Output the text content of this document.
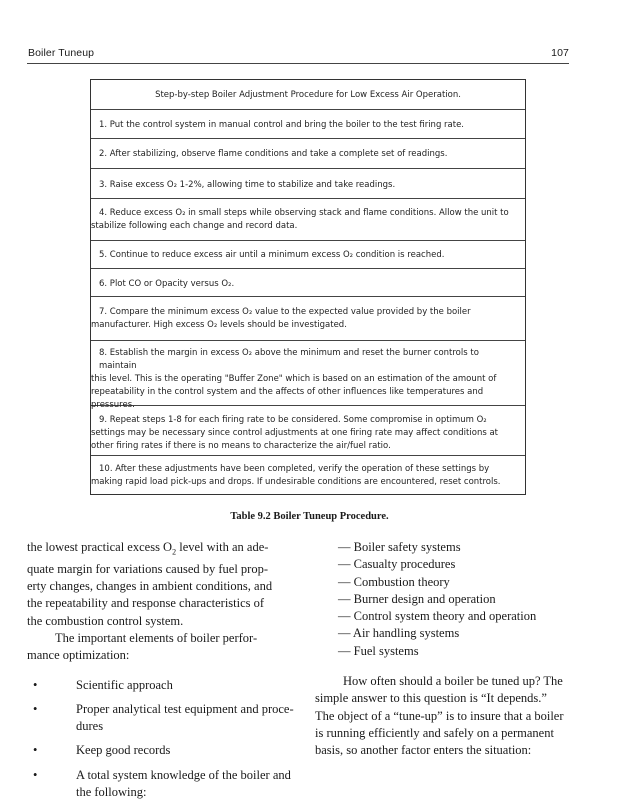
Boiler Tuneup	107
Step-by-step Boiler Adjustment Procedure for Low Excess Air Operation.
1. Put the control system in manual control and bring the boiler to the test firing rate.
2. After stabilizing, observe flame conditions and take a complete set of readings.
3. Raise excess O₂ 1-2%, allowing time to stabilize and take readings.
4. Reduce excess O₂ in small steps while observing stack and flame conditions. Allow the unit to
stabilize following each change and record data.
5. Continue to reduce excess air until a minimum excess O₂ condition is reached.
6. Plot CO or Opacity versus O₂.
7. Compare the minimum excess O₂ value to the expected value provided by the boiler
manufacturer. High excess O₂ levels should be investigated.
8. Establish the margin in excess O₂ above the minimum and reset the burner controls to maintain
this level. This is the operating "Buffer Zone" which is based on an estimation of the amount of
repeatability in the control system and the affects of other influences like temperatures and
pressures.
9. Repeat steps 1-8 for each firing rate to be considered. Some compromise in optimum O₂
settings may be necessary since control adjustments at one firing rate may affect conditions at
other firing rates if there is no means to characterize the air/fuel ratio.
10. After these adjustments have been completed, verify the operation of these settings by
making rapid load pick-ups and drops. If undesirable conditions are encountered, reset controls.
Table 9.2 Boiler Tuneup Procedure.
the lowest practical excess $O_2$ level with an ade-
quate margin for variations caused by fuel prop-
erty changes, changes in ambient conditions, and
the repeatability and response characteristics of
the combustion control system.
The important elements of boiler perfor-
mance optimization:
•	Scientific approach
•	Proper analytical test equipment and proce-
dures
•	Keep good records
•	A total system knowledge of the boiler and
the following:
— Boiler safety systems
— Casualty procedures
— Combustion theory
— Burner design and operation
— Control system theory and operation
— Air handling systems
— Fuel systems
How often should a boiler be tuned up? The
simple answer to this question is “It depends.”
The object of a “tune-up” is to insure that a boiler
is running efficiently and safely on a permanent
basis, so another factor enters the situation:
